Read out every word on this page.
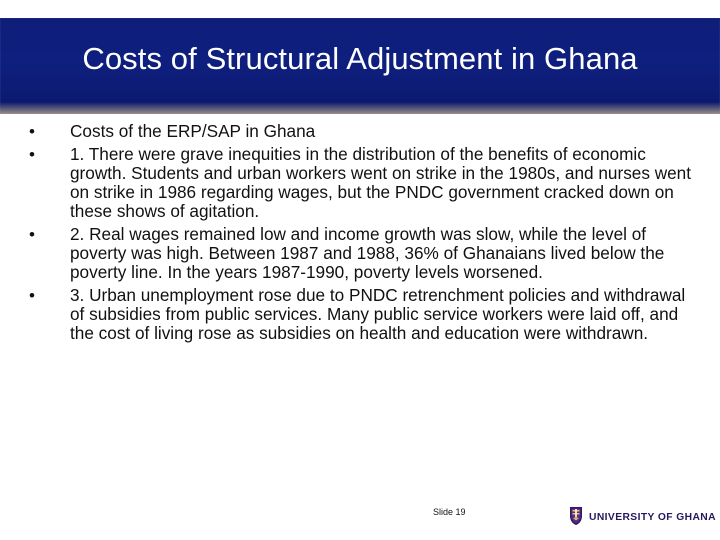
Costs of Structural Adjustment in Ghana
•	Costs of the ERP/SAP in Ghana
•	1. There were grave inequities in the distribution of the benefits of economic growth. Students and urban workers went on strike in the 1980s, and nurses went on strike in 1986 regarding wages, but the PNDC government cracked down on these shows of agitation.
•	2. Real wages remained low and income growth was slow, while the level of poverty was high. Between 1987 and 1988, 36% of Ghanaians lived below the poverty line. In the years 1987-1990, poverty levels worsened.
•	3. Urban unemployment rose due to PNDC retrenchment policies and withdrawal of subsidies from public services. Many public service workers were laid off, and the cost of living rose as subsidies on health and education were withdrawn.
Slide 19	UNIVERSITY OF GHANA
